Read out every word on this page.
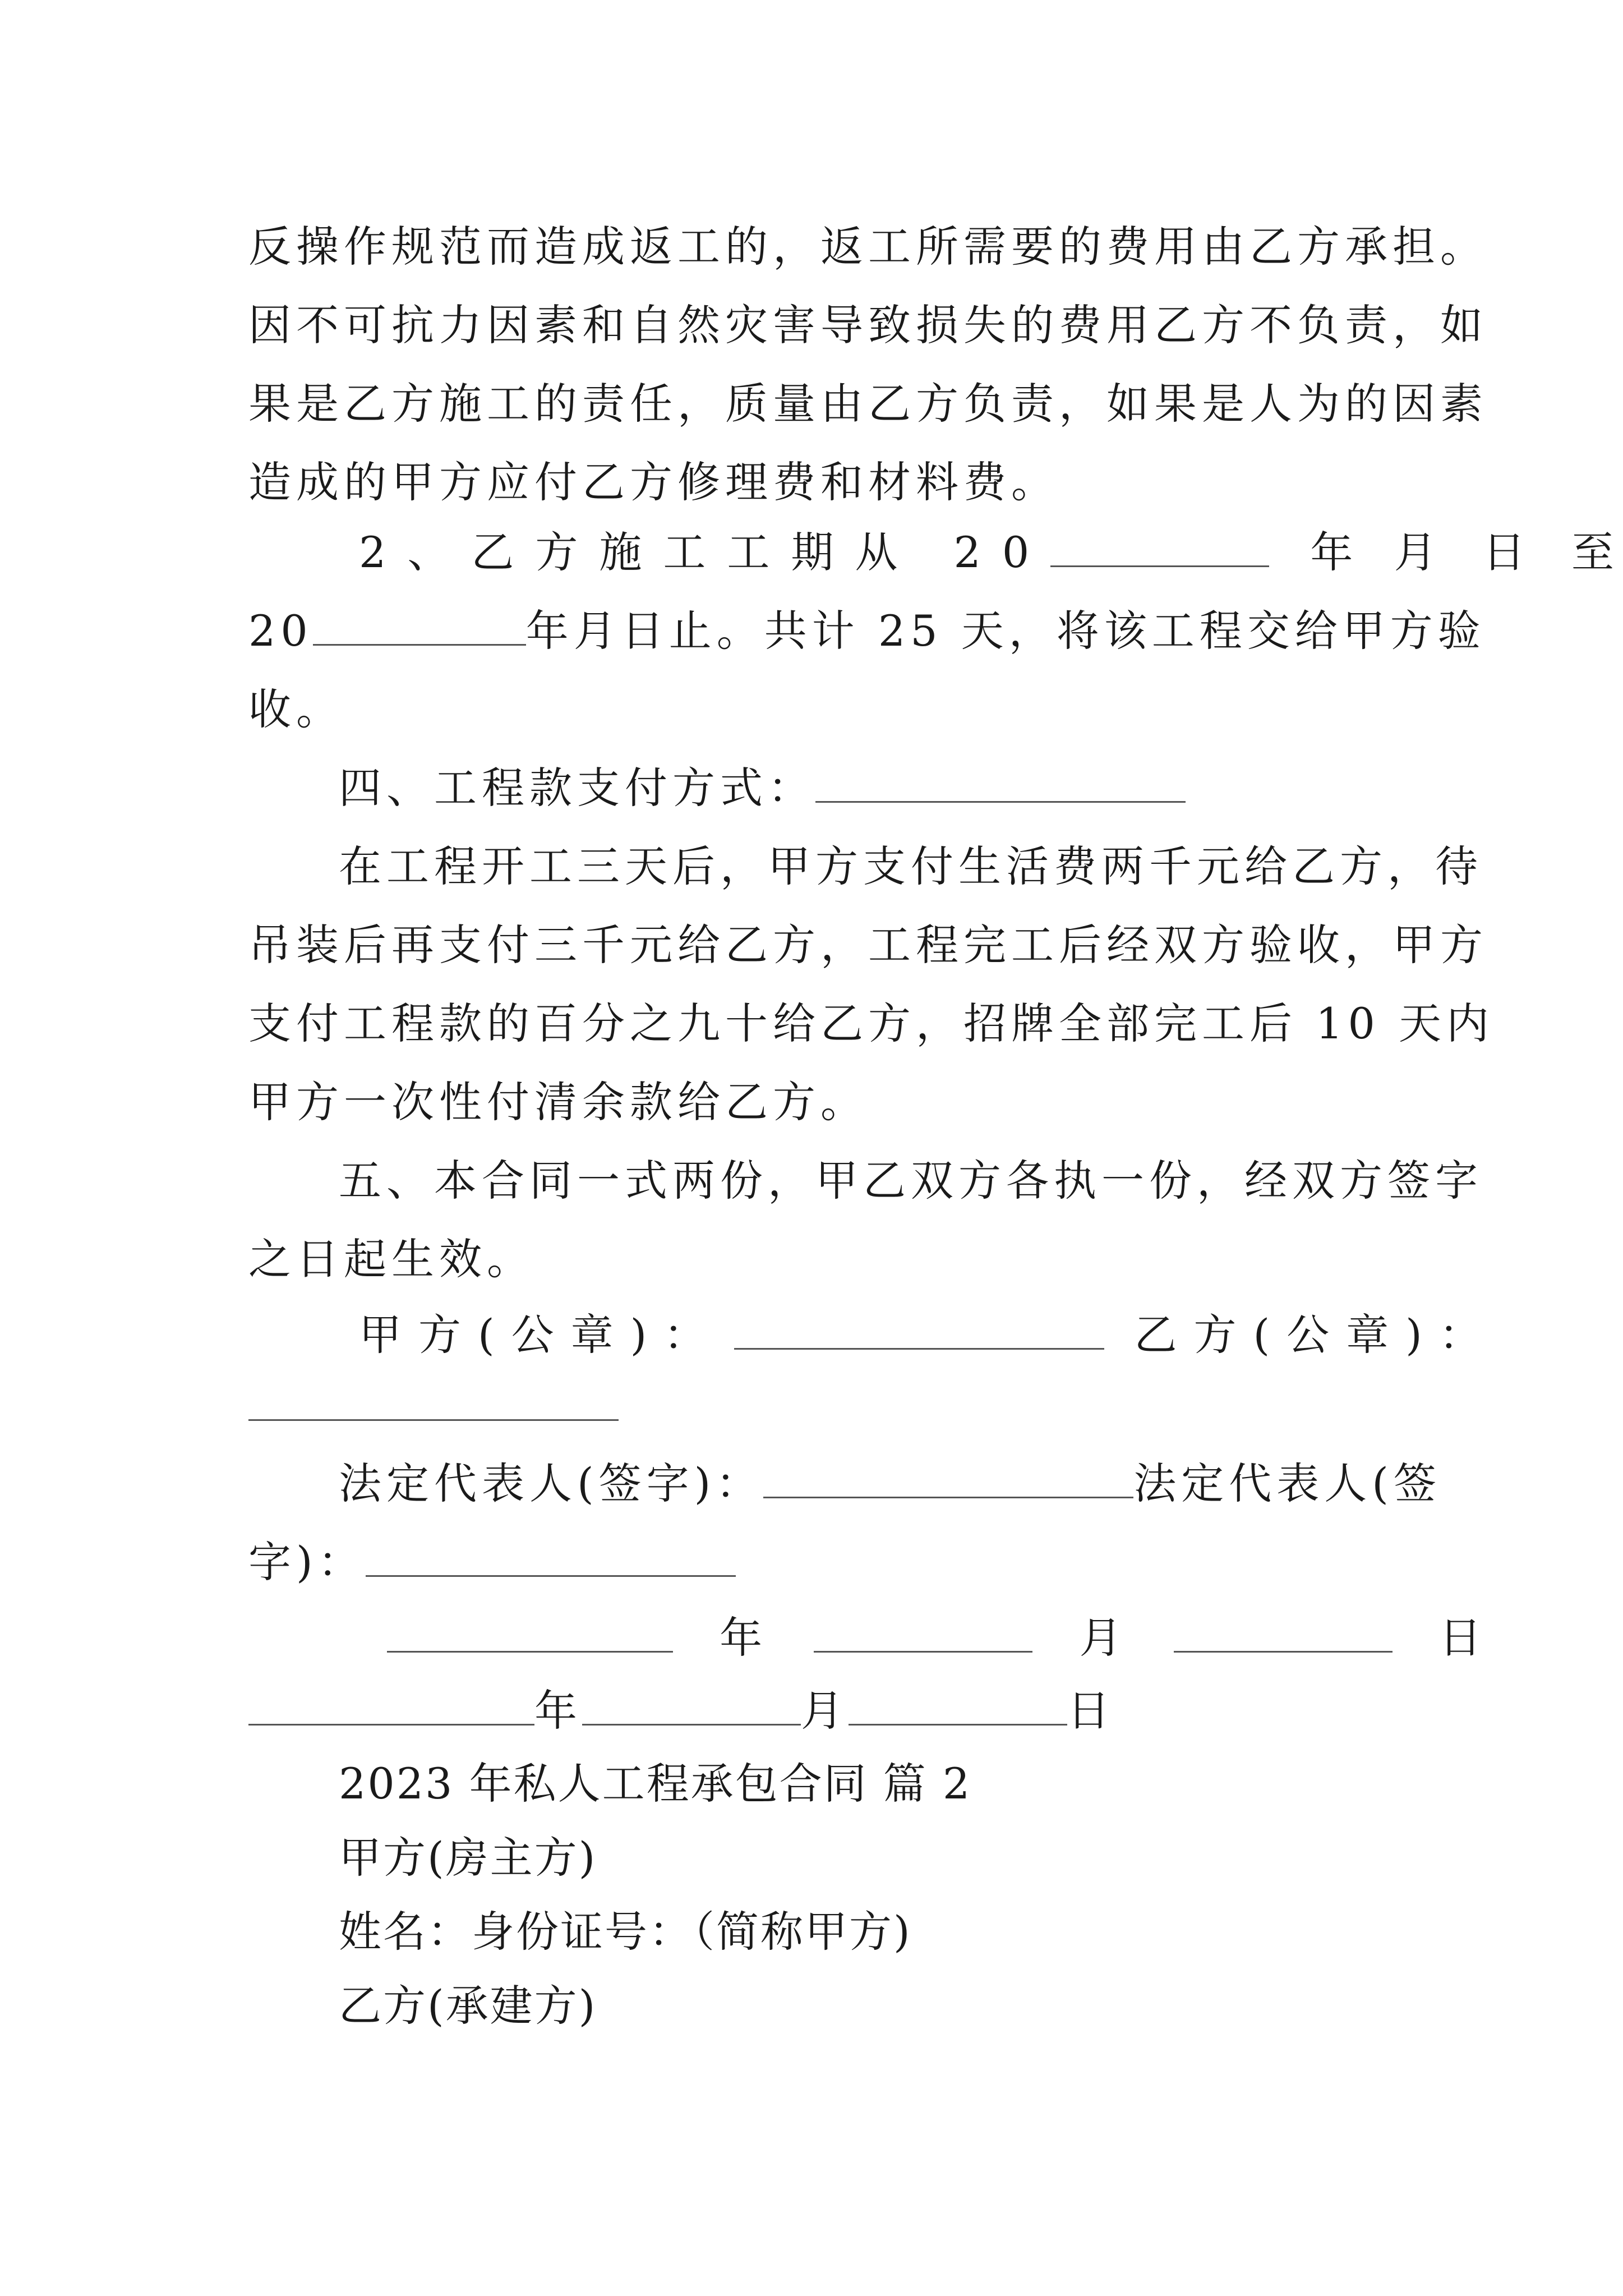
反操作规范而造成返工的，返工所需要的费用由乙方承担。
因不可抗力因素和自然灾害导致损失的费用乙方不负责，如
果是乙方施工的责任，质量由乙方负责，如果是人为的因素
造成的甲方应付乙方修理费和材料费。
2、乙方施工工期从 20	年 月 日 至
20	年月日止。共计 25 天，将该工程交给甲方验
收。
四、工程款支付方式：
在工程开工三天后，甲方支付生活费两千元给乙方，待
吊装后再支付三千元给乙方，工程完工后经双方验收，甲方
支付工程款的百分之九十给乙方，招牌全部完工后 10 天内
甲方一次性付清余款给乙方。
五、本合同一式两份，甲乙双方各执一份，经双方签字
之日起生效。
甲方(公章)：	乙方(公章)：
法定代表人(签字)：	法定代表人(签
字)：
年	月	日
年	月	日
2023 年私人工程承包合同 篇 2
甲方(房主方)
姓名：身份证号：（简称甲方)
乙方(承建方)
